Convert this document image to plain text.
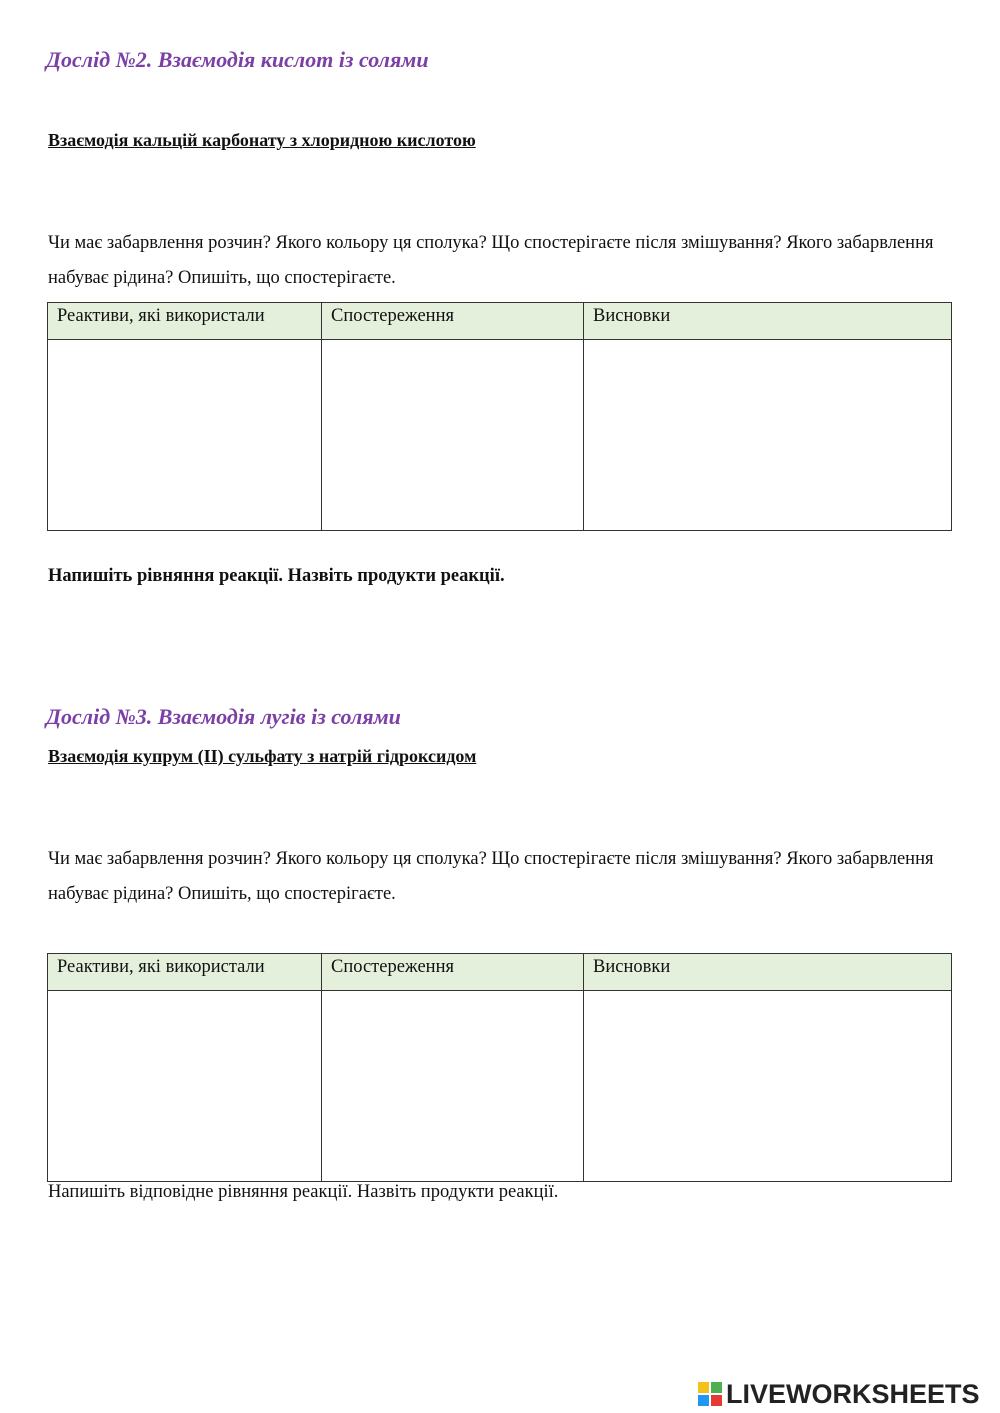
Дослід №2. Взаємодія кислот із солями
Взаємодія кальцій карбонату з хлоридною кислотою
Чи має забарвлення розчин? Якого кольору ця сполука? Що спостерігаєте після змішування? Якого забарвлення набуває рідина? Опишіть, що спостерігаєте.
Реактиви, які використали	Спостереження	Висновки

Напишіть рівняння реакції. Назвіть продукти реакції.
Дослід №3. Взаємодія лугів із солями
Взаємодія купрум (II) сульфату з натрій гідроксидом
Чи має забарвлення розчин? Якого кольору ця сполука? Що спостерігаєте після змішування? Якого забарвлення набуває рідина? Опишіть, що спостерігаєте.
Реактиви, які використали	Спостереження	Висновки

Напишіть відповідне рівняння реакції. Назвіть продукти реакції.
LIVEWORKSHEETS
